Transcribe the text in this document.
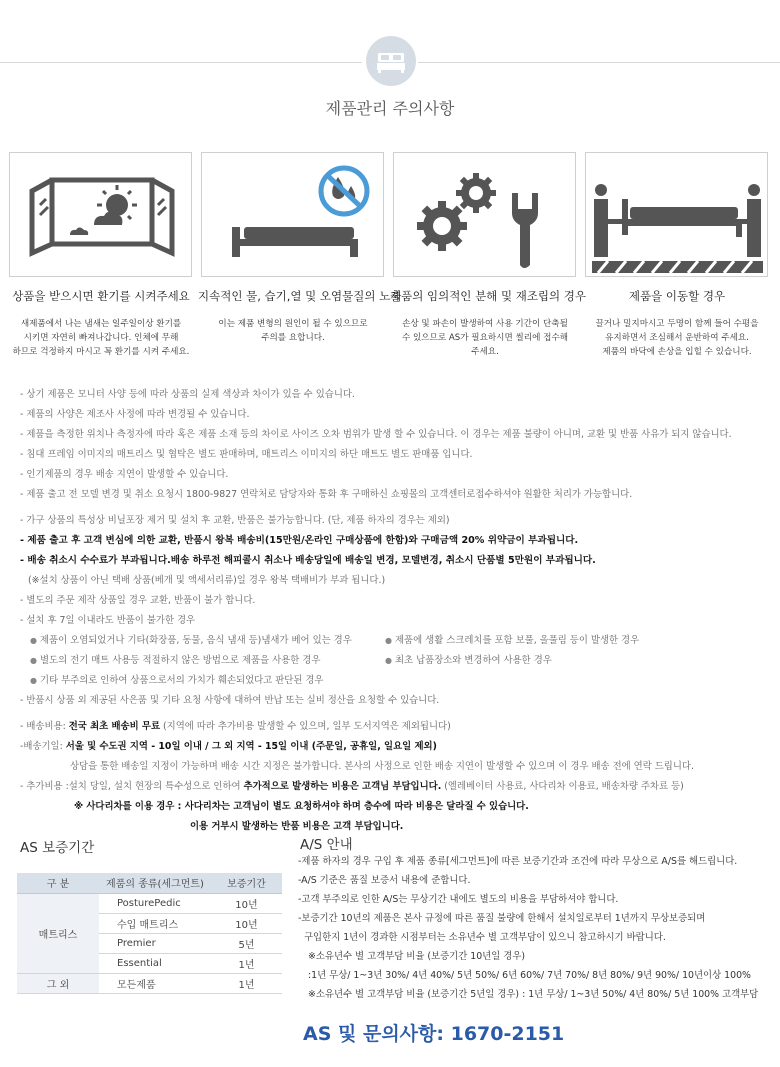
제품관리 주의사항
상품을 받으시면 환기를 시켜주세요
새제품에서 나는 냄새는 일주일이상 환기를
시키면 자연히 빠져나갑니다. 인체에 무해
하므로 걱정하지 마시고 꼭 환기를 시켜 주세요.
지속적인 물, 습기,열 및 오염물질의 노출
이는 제품 변형의 원인이 될 수 있으므로
주의를 요합니다.
제품의 임의적인 분해 및 재조립의 경우
손상 및 파손이 발생하여 사용 기간이 단축될
수 있으므로 AS가 필요하시면 씰리에 접수해
주세요.
제품을 이동할 경우
끌거나 밀지마시고 두명이 함께 들어 수평을
유지하면서 조심해서 운반하여 주세요.
제품의 바닥에 손상을 입힐 수 있습니다.
- 상기 제품은 모니터 사양 등에 따라 상품의 실제 색상과 차이가 있을 수 있습니다.
- 제품의 사양은 제조사 사정에 따라 변경될 수 있습니다.
- 제품을 측정한 위치나 측정자에 따라 혹은 제품 소재 등의 차이로 사이즈 오차 범위가 발생 할 수 있습니다. 이 경우는 제품 불량이 아니며, 교환 및 반품 사유가 되지 않습니다.
- 침대 프레임 이미지의 매트리스 및 협탁은 별도 판매하며, 매트리스 이미지의 하단 매트도 별도 판매품 입니다.
- 인기제품의 경우 배송 지연이 발생할 수 있습니다.
- 제품 출고 전 모델 변경 및 취소 요청시 1800-9827 연락처로 담당자와 통화 후 구매하신 쇼핑몰의 고객센터로접수하셔야 원활한 처리가 가능합니다.
- 가구 상품의 특성상 비닐포장 제거 및 설치 후 교환, 반품은 불가능합니다. (단, 제품 하자의 경우는 제외)
- 제품 출고 후 고객 변심에 의한 교환, 반품시 왕복 배송비(15만원/온라인 구매상품에 한함)와 구매금액 20% 위약금이 부과됩니다.
- 배송 취소시 수수료가 부과됩니다.배송 하루전 해피콜시 취소나 배송당일에 배송일 변경, 모델변경, 취소시 단품별 5만원이 부과됩니다.
(※설치 상품이 아닌 택배 상품(베개 및 액세서리류)일 경우 왕복 택배비가 부과 됩니다.)
- 별도의 주문 제작 상품일 경우 교환, 반품이 불가 합니다.
- 설치 후 7일 이내라도 반품이 불가한 경우
● 제품이 오염되었거나 기타(화장품, 동물, 음식 냄새 등)냄새가 베어 있는 경우	● 제품에 생활 스크레치를 포함 보풀, 올풀림 등이 발생한 경우
● 별도의 전기 매트 사용등 적절하지 않은 방법으로 제품을 사용한 경우	● 최초 납품장소와 변경하여 사용한 경우
● 기타 부주의로 인하여 상품으로서의 가치가 훼손되었다고 판단된 경우
- 반품시 상품 외 제공된 사은품 및 기타 요청 사항에 대하여 반납 또는 실비 정산을 요청할 수 있습니다.
- 배송비용: 전국 최초 배송비 무료 (지역에 따라 추가비용 발생할 수 있으며, 일부 도서지역은 제외됩니다)
-배송기일: 서울 및 수도권 지역 - 10일 이내 / 그 외 지역 - 15일 이내 (주문일, 공휴일, 일요일 제외)
상담을 통한 배송일 지정이 가능하며 배송 시간 지정은 불가합니다. 본사의 사정으로 인한 배송 지연이 발생할 수 있으며 이 경우 배송 전에 연락 드립니다.
- 추가비용 :설치 당일, 설치 현장의 특수성으로 인하여 추가적으로 발생하는 비용은 고객님 부담입니다. (엘레베이터 사용료, 사다리차 이용료, 배송차량 주차료 등)
※ 사다리차를 이용 경우 : 사다리차는 고객님이 별도 요청하셔야 하며 층수에 따라 비용은 달라질 수 있습니다.
이용 거부시 발생하는 반품 비용은 고객 부담입니다.
AS 보증기간	A/S 안내
구 분	제품의 종류(세그먼트)	보증기간
매트리스	PosturePedic	10년
	수입 매트리스	10년
	Premier	5년
	Essential	1년
그 외	모든제품	1년
-제품 하자의 경우 구입 후 제품 종류[세그먼트]에 따른 보증기간과 조건에 따라 무상으로 A/S를 해드립니다.
-A/S 기준은 품질 보증서 내용에 준합니다.
-고객 부주의로 인한 A/S는 무상기간 내에도 별도의 비용을 부담하셔야 합니다.
-보증기간 10년의 제품은 본사 규정에 따른 품질 불량에 한해서 설치일로부터 1년까지 무상보증되며
구입한지 1년이 경과한 시점부터는 소유년수 별 고객부담이 있으니 참고하시기 바랍니다.
※소유년수 별 고객부담 비율 (보증기간 10년일 경우)
:1년 무상/ 1~3년 30%/ 4년 40%/ 5년 50%/ 6년 60%/ 7년 70%/ 8년 80%/ 9년 90%/ 10년이상 100%
※소유년수 별 고객부담 비율 (보증기간 5년일 경우) : 1년 무상/ 1~3년 50%/ 4년 80%/ 5년 100% 고객부담
AS 및 문의사항: 1670-2151
